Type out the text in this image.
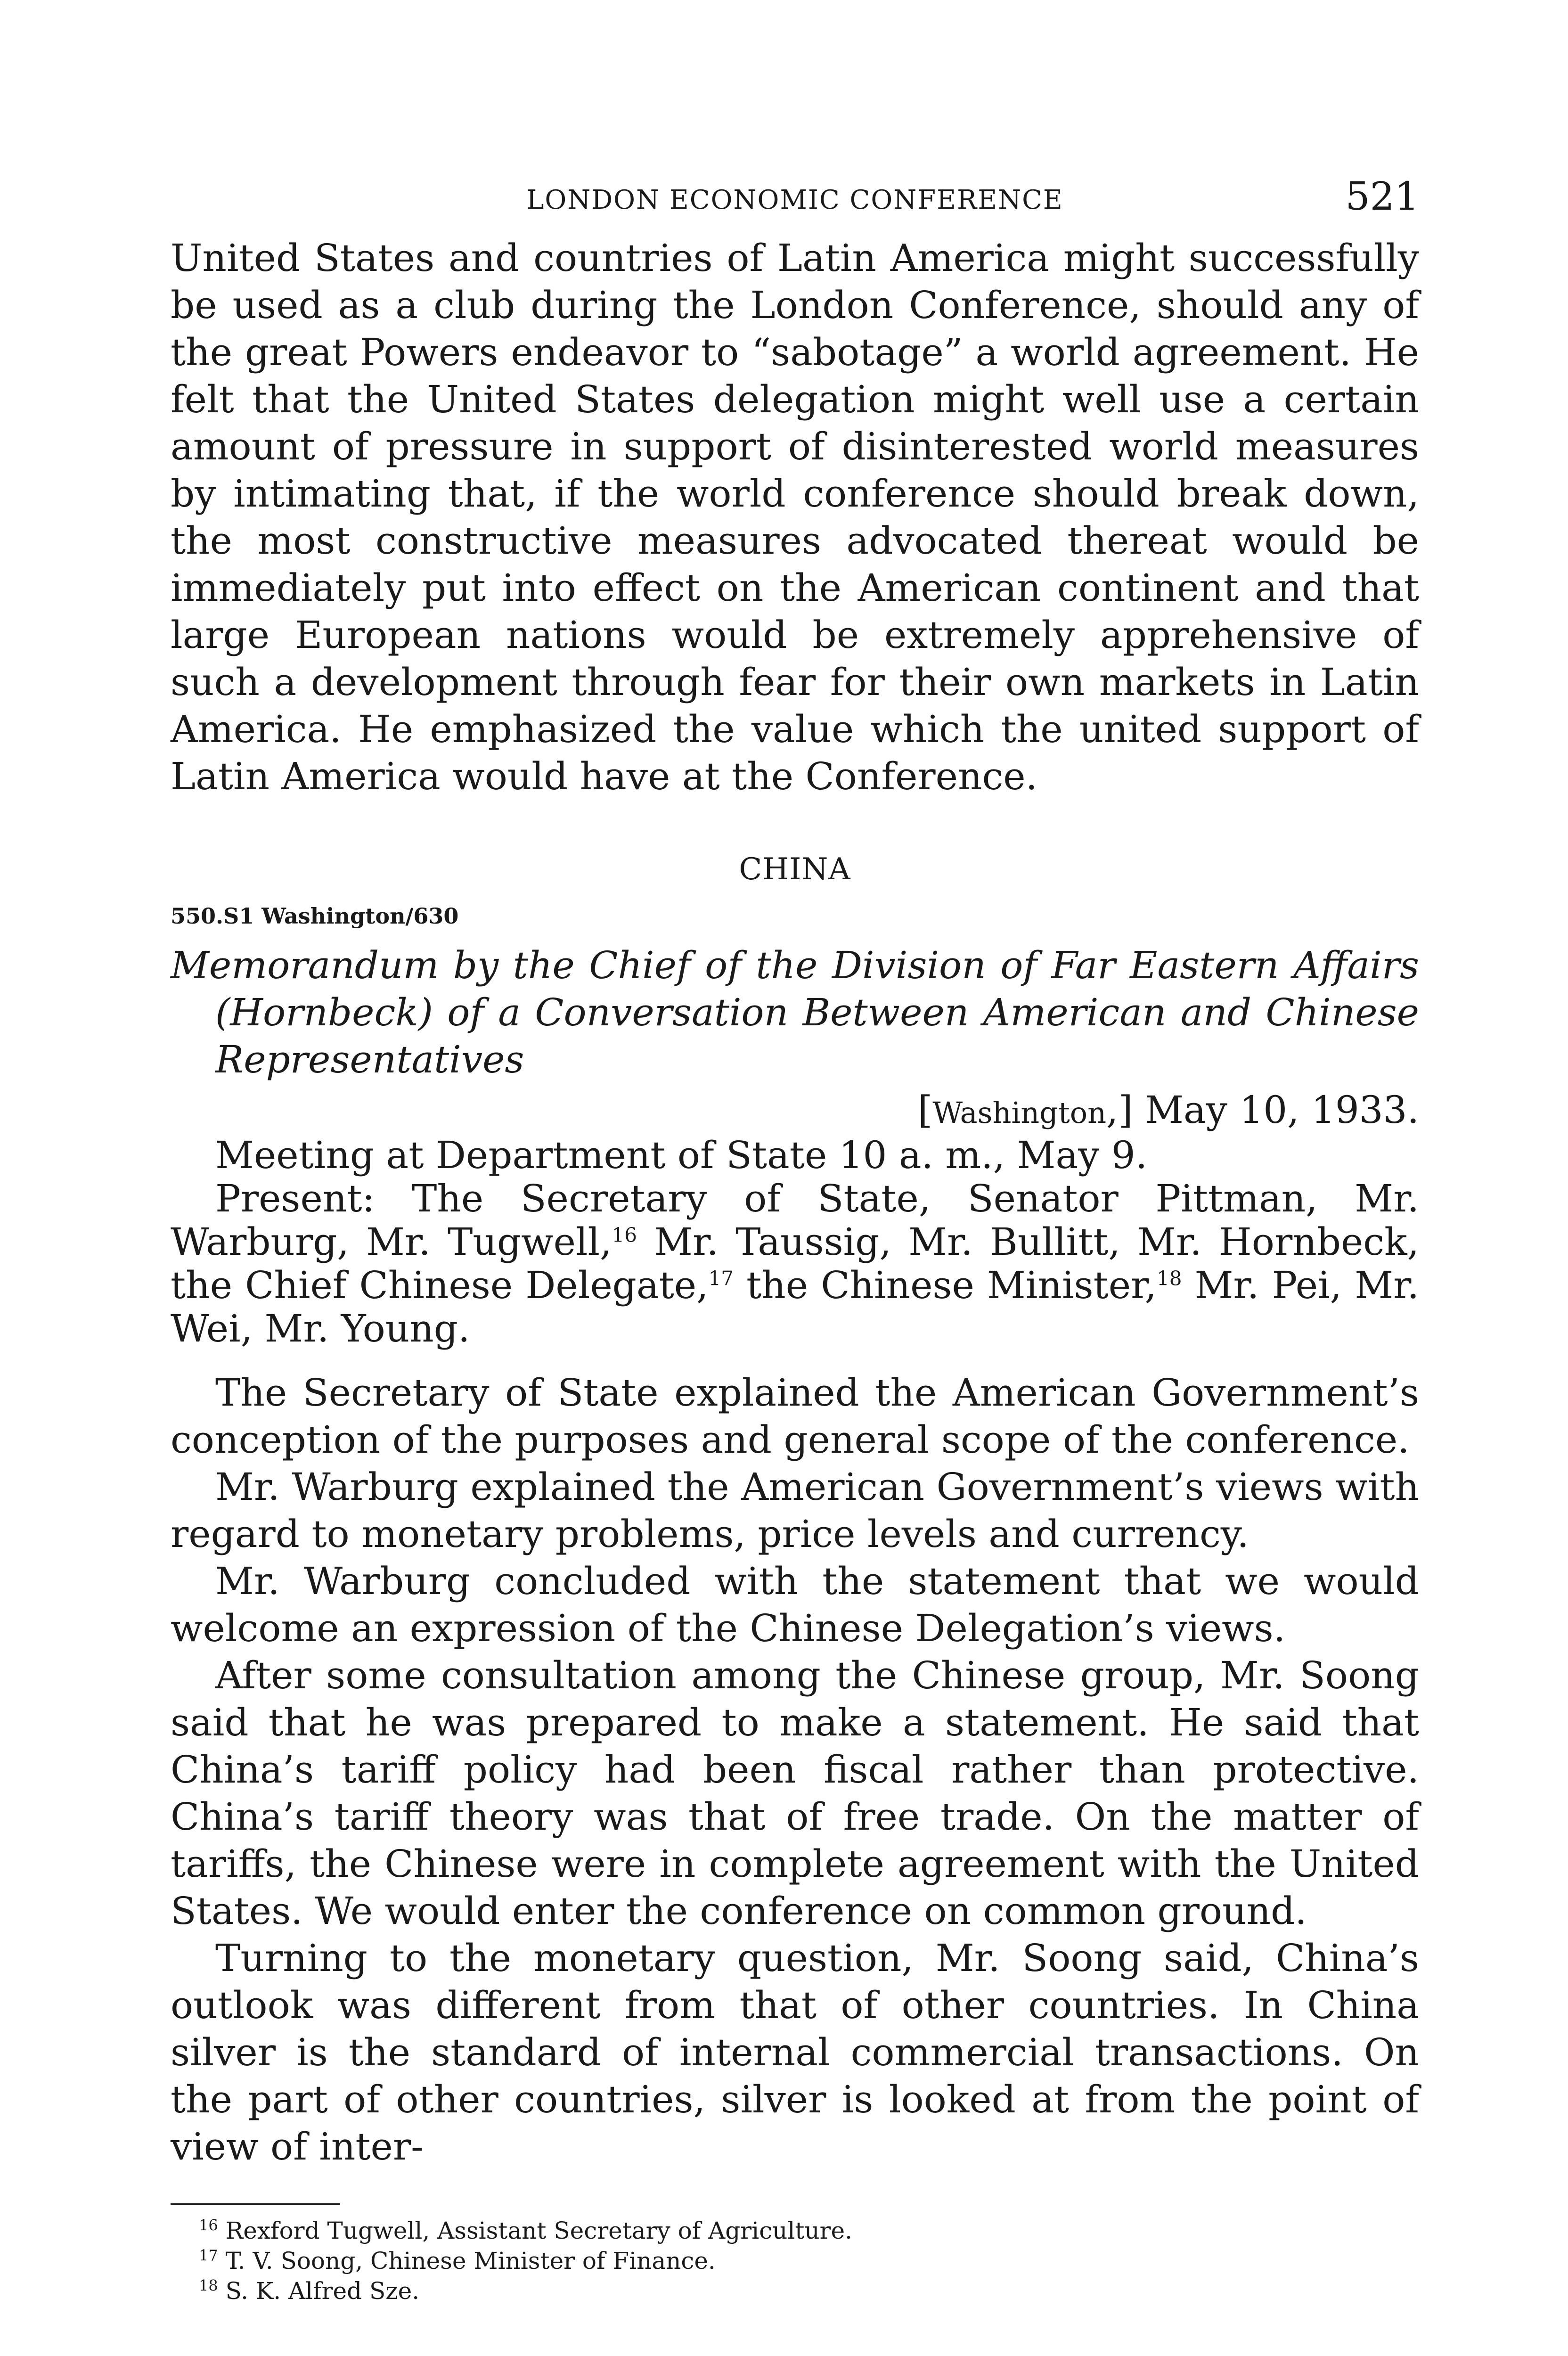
LONDON ECONOMIC CONFERENCE	521

United States and countries of Latin America might successfully be used as a club during the London Conference, should any of the great Powers endeavor to “sabotage” a world agreement. He felt that the United States delegation might well use a certain amount of pressure in support of disinterested world measures by intimating that, if the world conference should break down, the most constructive measures advocated thereat would be immediately put into effect on the American continent and that large European nations would be extremely apprehensive of such a development through fear for their own markets in Latin America. He emphasized the value which the united support of Latin America would have at the Conference.

CHINA
550.S1 Washington/630
Memorandum by the Chief of the Division of Far Eastern Affairs (Hornbeck) of a Conversation Between American and Chinese Representatives
[Washington,] May 10, 1933.

Meeting at Department of State 10 a. m., May 9.

Present: The Secretary of State, Senator Pittman, Mr. Warburg, Mr. Tugwell,$^{16}$ Mr. Taussig, Mr. Bullitt, Mr. Hornbeck, the Chief Chinese Delegate,$^{17}$ the Chinese Minister,$^{18}$ Mr. Pei, Mr. Wei, Mr. Young.

The Secretary of State explained the American Government’s conception of the purposes and general scope of the conference.

Mr. Warburg explained the American Government’s views with regard to monetary problems, price levels and currency.

Mr. Warburg concluded with the statement that we would welcome an expression of the Chinese Delegation’s views.

After some consultation among the Chinese group, Mr. Soong said that he was prepared to make a statement. He said that China’s tariff policy had been fiscal rather than protective. China’s tariff theory was that of free trade. On the matter of tariffs, the Chinese were in complete agreement with the United States. We would enter the conference on common ground.

Turning to the monetary question, Mr. Soong said, China’s outlook was different from that of other countries. In China silver is the standard of internal commercial transactions. On the part of other countries, silver is looked at from the point of view of inter-

$^{16}$ Rexford Tugwell, Assistant Secretary of Agriculture.
$^{17}$ T. V. Soong, Chinese Minister of Finance.
$^{18}$ S. K. Alfred Sze.
